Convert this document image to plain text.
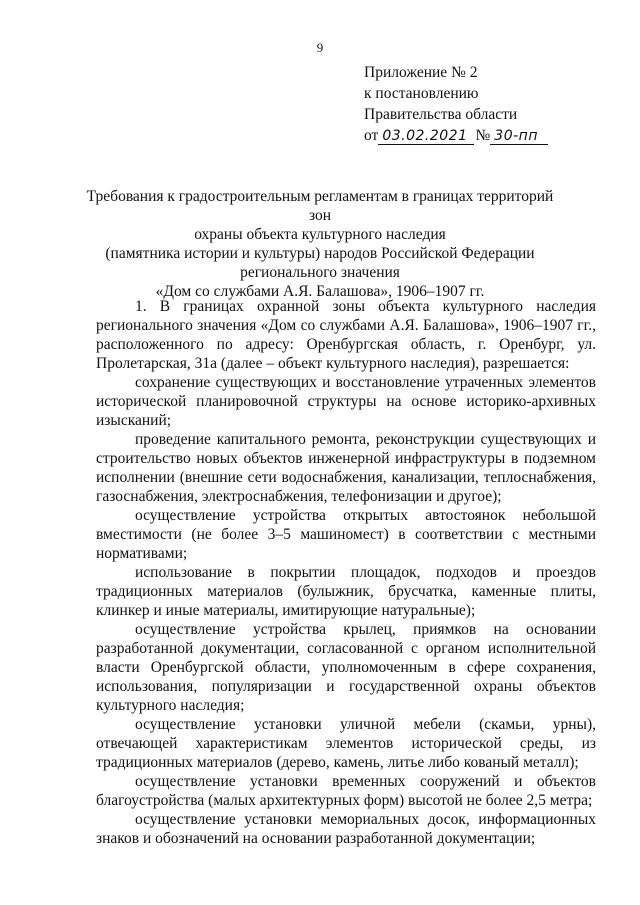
9
Приложение № 2
к постановлению
Правительства области
от 03.02.2021 № 30-пп
Требования к градостроительным регламентам в границах территорий зон
охраны объекта культурного наследия
(памятника истории и культуры) народов Российской Федерации
регионального значения
«Дом со службами А.Я. Балашова», 1906–1907 гг.

1. В границах охранной зоны объекта культурного наследия регионального значения «Дом со службами А.Я. Балашова», 1906–1907 гг., расположенного по адресу: Оренбургская область, г. Оренбург, ул. Пролетарская, 31а (далее – объект культурного наследия), разрешается:

сохранение существующих и восстановление утраченных элементов исторической планировочной структуры на основе историко-архивных изысканий;

проведение капитального ремонта, реконструкции существующих и строительство новых объектов инженерной инфраструктуры в подземном исполнении (внешние сети водоснабжения, канализации, теплоснабжения, газоснабжения, электроснабжения, телефонизации и другое);

осуществление устройства открытых автостоянок небольшой вместимости (не более 3–5 машиномест) в соответствии с местными нормативами;

использование в покрытии площадок, подходов и проездов традиционных материалов (булыжник, брусчатка, каменные плиты, клинкер и иные материалы, имитирующие натуральные);

осуществление устройства крылец, приямков на основании разработанной документации, согласованной с органом исполнительной власти Оренбургской области, уполномоченным в сфере сохранения, использования, популяризации и государственной охраны объектов культурного наследия;

осуществление установки уличной мебели (скамьи, урны), отвечающей характеристикам элементов исторической среды, из традиционных материалов (дерево, камень, литье либо кованый металл);

осуществление установки временных сооружений и объектов благоустройства (малых архитектурных форм) высотой не более 2,5 метра;

осуществление установки мемориальных досок, информационных знаков и обозначений на основании разработанной документации;
